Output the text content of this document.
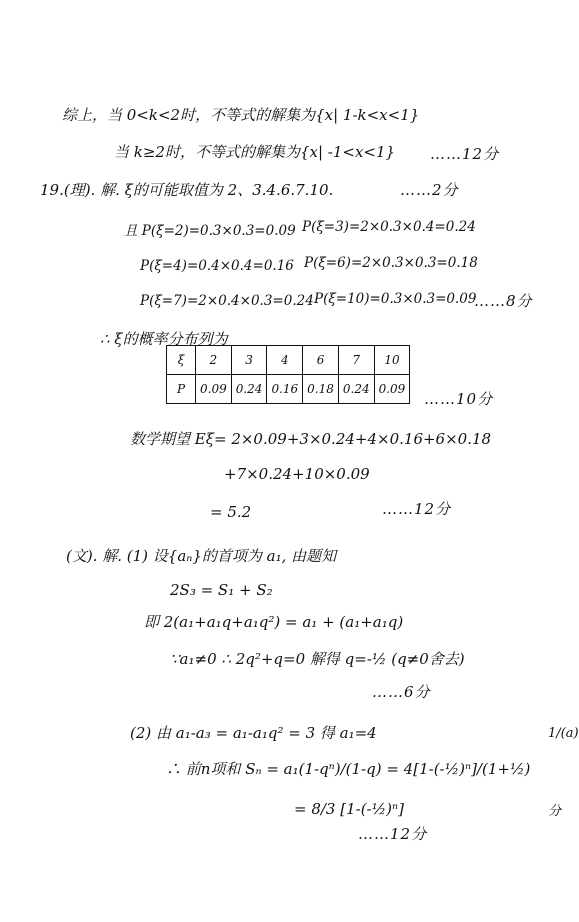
综上，当 0<k<2时，不等式的解集为{x| 1-k<x<1}
当 k≥2时，不等式的解集为{x| -1<x<1} ……12分
19.(理). 解. ξ的可能取值为 2、3.4.6.7.10.	……2分
且 P(ξ=2)=0.3×0.3=0.09 P(ξ=3)=2×0.3×0.4=0.24
P(ξ=4)=0.4×0.4=0.16 P(ξ=6)=2×0.3×0.3=0.18
P(ξ=7)=2×0.4×0.3=0.24 P(ξ=10)=0.3×0.3=0.09
……8分
∴ ξ的概率分布列为
ξ	2	3	4	6	7	10
P	0.09	0.24	0.16	0.18	0.24	0.09
……10分
数学期望 Eξ= 2×0.09+3×0.24+4×0.16+6×0.18
+7×0.24+10×0.09
= 5.2	……12分
(文). 解. (1) 设{aₙ}的首项为 a₁, 由题知
2S₃ = S₁ + S₂
即 2(a₁+a₁q+a₁q²) = a₁ + (a₁+a₁q)
∵a₁≠0 ∴ 2q²+q=0 解得 q=-½ (q≠0舍去)
……6分
(2) 由 a₁-a₃ = a₁-a₁q² = 3 得 a₁=4
∴ 前n项和 Sₙ = a₁(1-qⁿ)/(1-q) = 4[1-(-½)ⁿ]/(1+½)
= 8/3 [1-(-½)ⁿ]
……12分
1/(a)
分
